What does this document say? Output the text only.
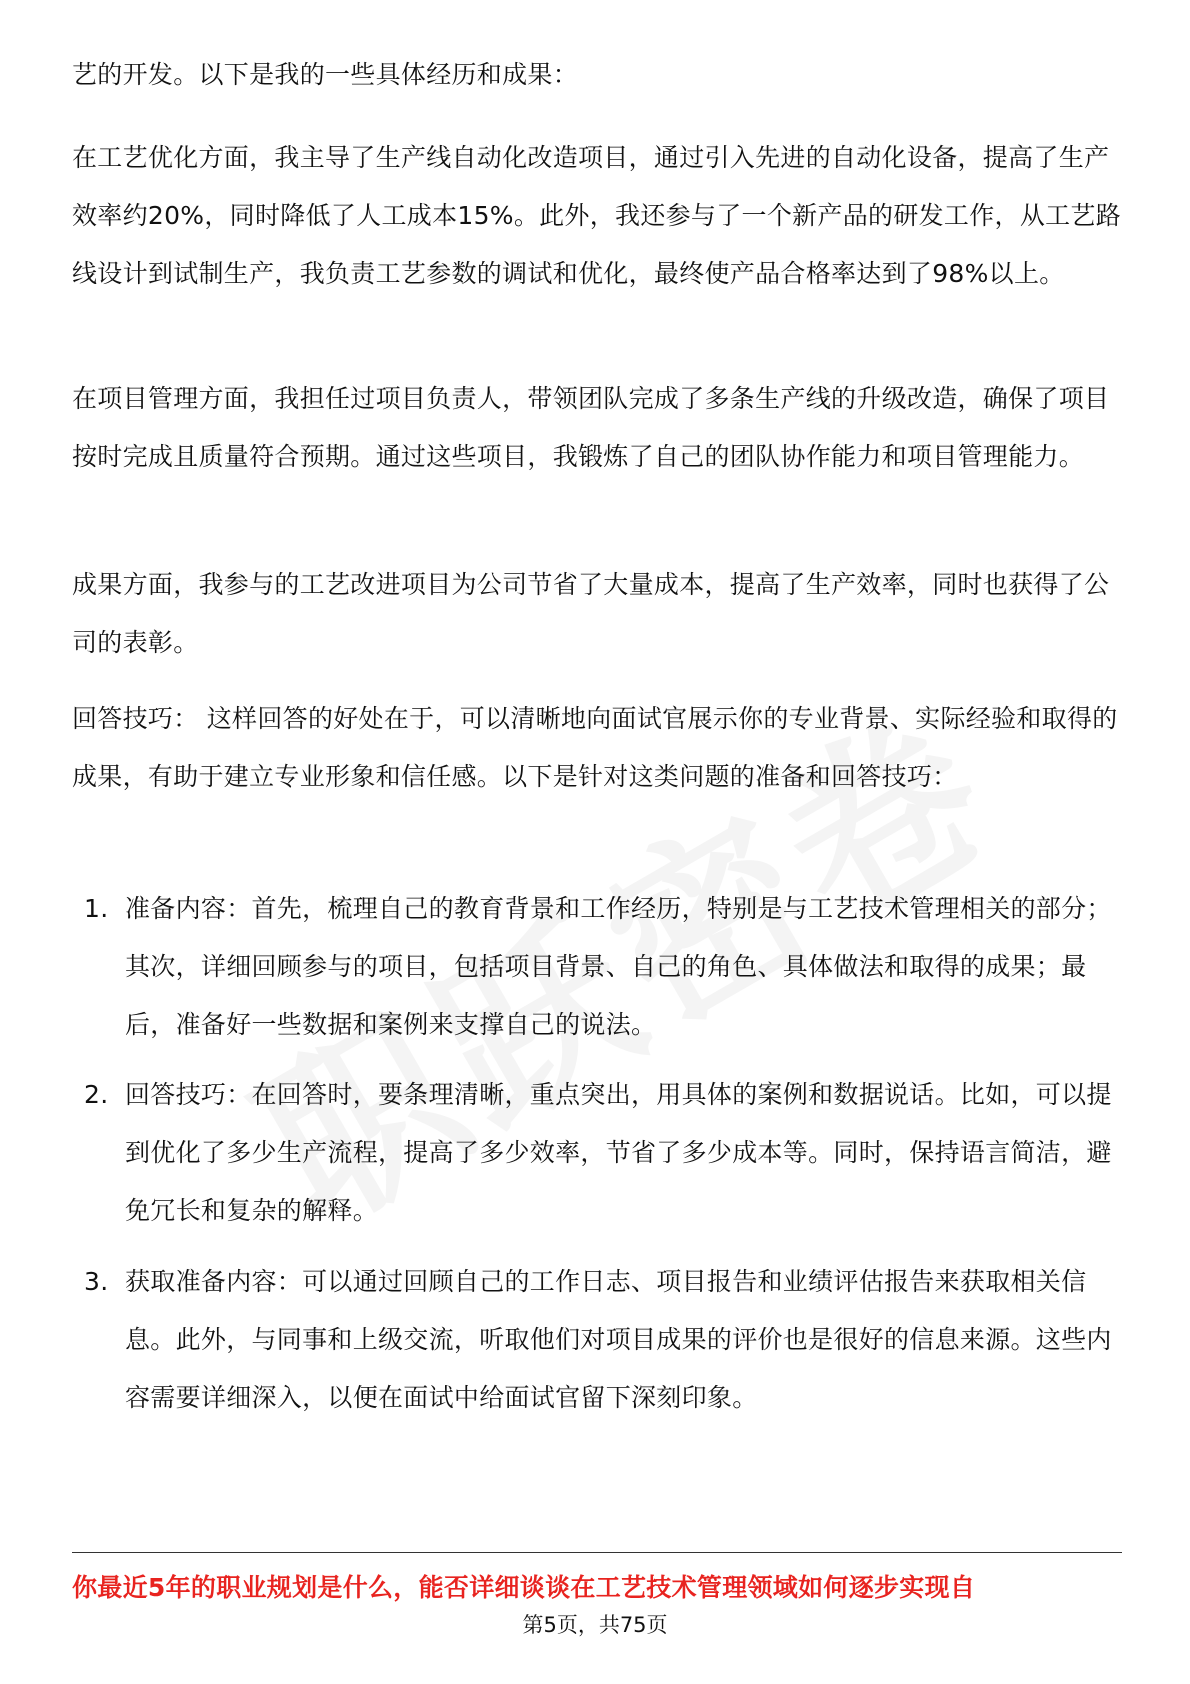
艺的开发。以下是我的一些具体经历和成果：

在工艺优化方面，我主导了生产线自动化改造项目，通过引入先进的自动化设备，提高了生产效率约20%，同时降低了人工成本15%。此外，我还参与了一个新产品的研发工作，从工艺路线设计到试制生产，我负责工艺参数的调试和优化，最终使产品合格率达到了98%以上。

在项目管理方面，我担任过项目负责人，带领团队完成了多条生产线的升级改造，确保了项目按时完成且质量符合预期。通过这些项目，我锻炼了自己的团队协作能力和项目管理能力。

成果方面，我参与的工艺改进项目为公司节省了大量成本，提高了生产效率，同时也获得了公司的表彰。

回答技巧： 这样回答的好处在于，可以清晰地向面试官展示你的专业背景、实际经验和取得的成果，有助于建立专业形象和信任感。以下是针对这类问题的准备和回答技巧：

1. 准备内容：首先，梳理自己的教育背景和工作经历，特别是与工艺技术管理相关的部分；其次，详细回顾参与的项目，包括项目背景、自己的角色、具体做法和取得的成果；最后，准备好一些数据和案例来支撑自己的说法。
2. 回答技巧：在回答时，要条理清晰，重点突出，用具体的案例和数据说话。比如，可以提到优化了多少生产流程，提高了多少效率，节省了多少成本等。同时，保持语言简洁，避免冗长和复杂的解释。
3. 获取准备内容：可以通过回顾自己的工作日志、项目报告和业绩评估报告来获取相关信息。此外，与同事和上级交流，听取他们对项目成果的评价也是很好的信息来源。这些内容需要详细深入，以便在面试中给面试官留下深刻印象。
你最近5年的职业规划是什么，能否详细谈谈在工艺技术管理领域如何逐步实现自
第5页，共75页
